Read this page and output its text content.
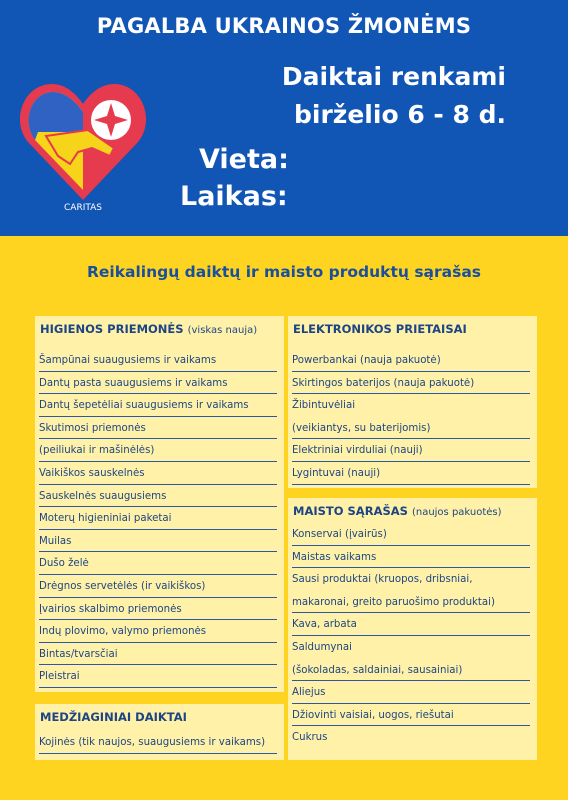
CARITAS
PAGALBA UKRAINOS ŽMONĖMS
Daiktai renkami
birželio 6 - 8 d.
Vieta:
Laikas:
Reikalingų daiktų ir maisto produktų sąrašas
HIGIENOS PRIEMONĖS (viskas nauja)
Šampūnai suaugusiems ir vaikams
Dantų pasta suaugusiems ir vaikams
Dantų šepetėliai suaugusiems ir vaikams
Skutimosi priemonės
(peiliukai ir mašinėlės)
Vaikiškos sauskelnės
Sauskelnės suaugusiems
Moterų higieniniai paketai
Muilas
Dušo želė
Drėgnos servetėlės (ir vaikiškos)
Įvairios skalbimo priemonės
Indų plovimo, valymo priemonės
Bintas/tvarsčiai
Pleistrai
MEDŽIAGINIAI DAIKTAI
Kojinės (tik naujos, suaugusiems ir vaikams)
ELEKTRONIKOS PRIETAISAI
Powerbankai (nauja pakuotė)
Skirtingos baterijos (nauja pakuotė)
Žibintuvėliai
(veikiantys, su baterijomis)
Elektriniai virduliai (nauji)
Lygintuvai (nauji)
MAISTO SĄRAŠAS (naujos pakuotės)
Konservai (įvairūs)
Maistas vaikams
Sausi produktai (kruopos, dribsniai,
makaronai, greito paruošimo produktai)
Kava, arbata
Saldumynai
(šokoladas, saldainiai, sausainiai)
Aliejus
Džiovinti vaisiai, uogos, riešutai
Cukrus
